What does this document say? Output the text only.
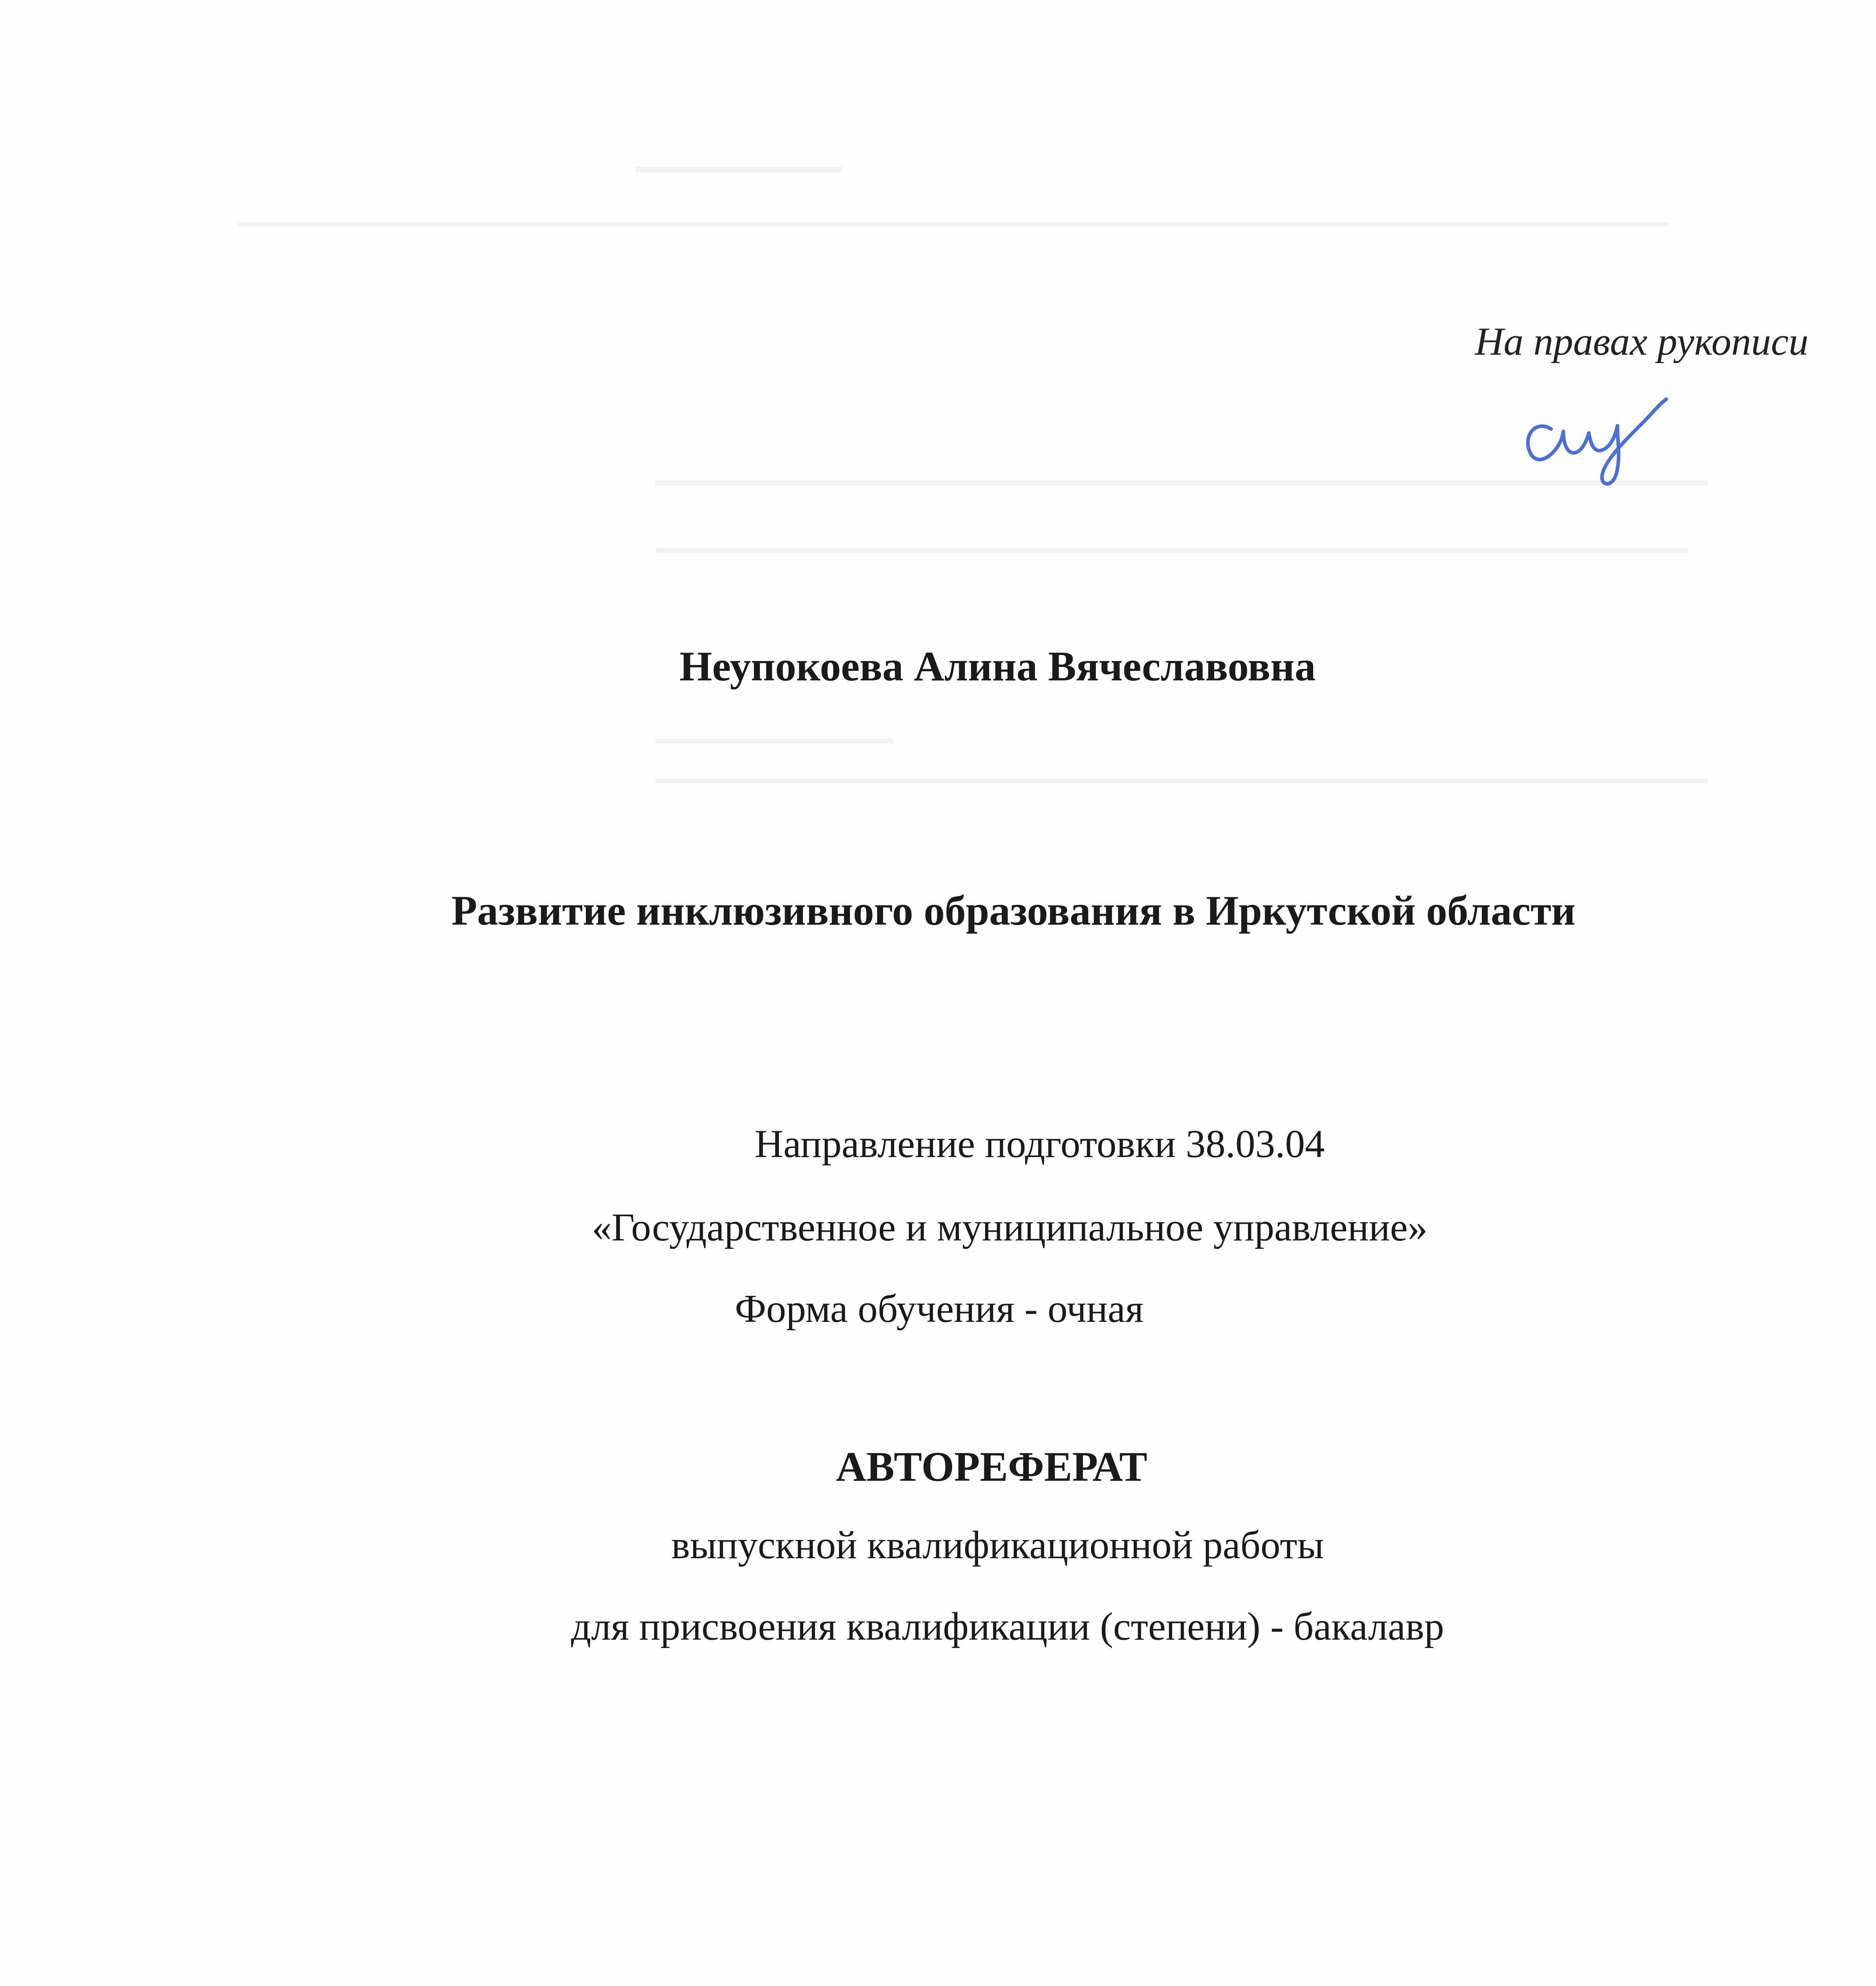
На правах рукописи
Неупокоева Алина Вячеславовна
Развитие инклюзивного образования в Иркутской области
Направление подготовки 38.03.04
«Государственное и муниципальное управление»
Форма обучения - очная
АВТОРЕФЕРАТ
выпускной квалификационной работы
для присвоения квалификации (степени) - бакалавр
